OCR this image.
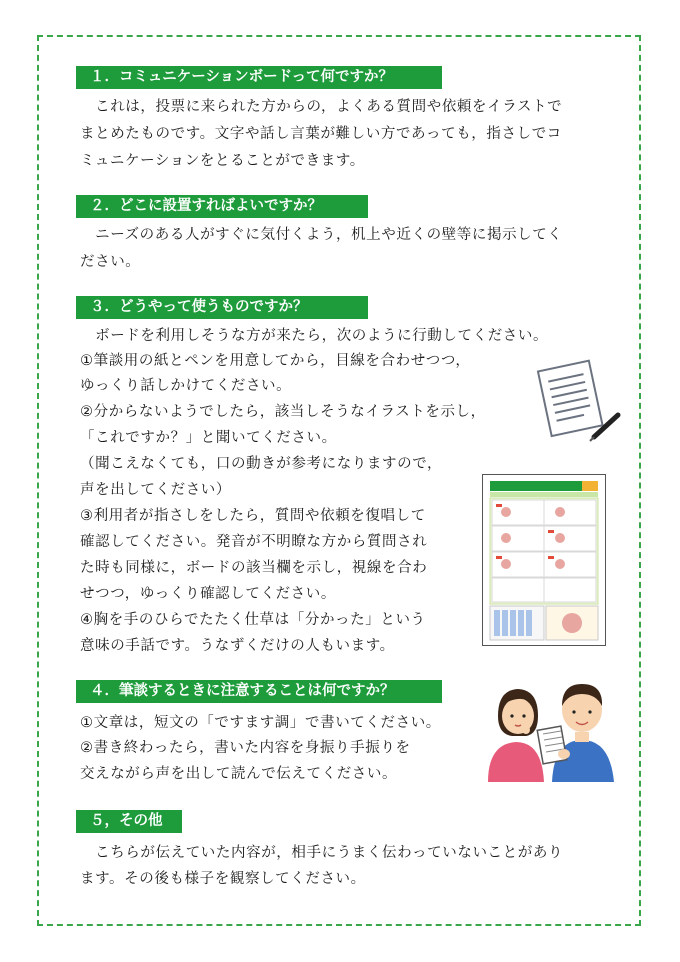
１．コミュニケーションボードって何ですか？
　これは，投票に来られた方からの，よくある質問や依頼をイラストで
まとめたものです。文字や話し言葉が難しい方であっても，指さしでコ
ミュニケーションをとることができます。
２．どこに設置すればよいですか？
　ニーズのある人がすぐに気付くよう，机上や近くの壁等に掲示してく
ださい。
３．どうやって使うものですか？
　ボードを利用しそうな方が来たら，次のように行動してください。
①筆談用の紙とペンを用意してから，目線を合わせつつ，
ゆっくり話しかけてください。
②分からないようでしたら，該当しそうなイラストを示し，
「これですか？」と聞いてください。
（聞こえなくても，口の動きが参考になりますので，
声を出してください）
③利用者が指さしをしたら，質問や依頼を復唱して
確認してください。発音が不明瞭な方から質問され
た時も同様に，ボードの該当欄を示し，視線を合わ
せつつ，ゆっくり確認してください。
④胸を手のひらでたたく仕草は「分かった」という
意味の手話です。うなずくだけの人もいます。
４．筆談するときに注意することは何ですか？
①文章は，短文の「ですます調」で書いてください。
②書き終わったら，書いた内容を身振り手振りを
交えながら声を出して読んで伝えてください。
５，その他
　こちらが伝えていた内容が，相手にうまく伝わっていないことがあり
ます。その後も様子を観察してください。
